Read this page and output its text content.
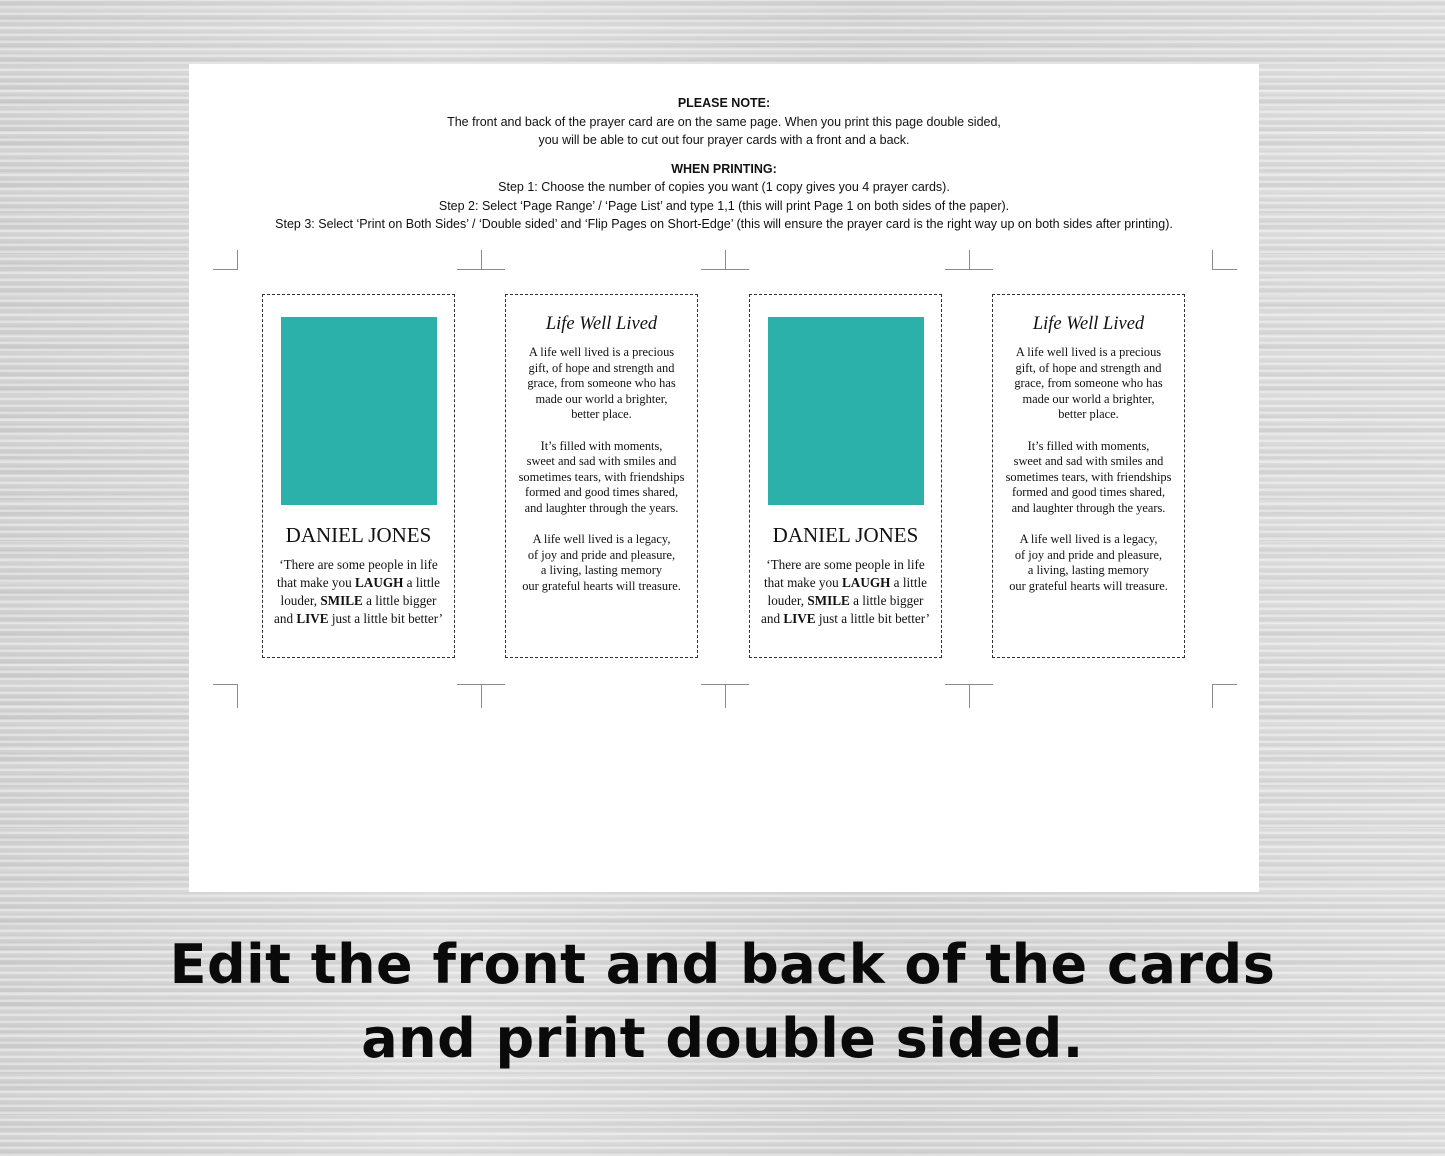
PLEASE NOTE:
The front and back of the prayer card are on the same page. When you print this page double sided,
you will be able to cut out four prayer cards with a front and a back.
WHEN PRINTING:
Step 1: Choose the number of copies you want (1 copy gives you 4 prayer cards).
Step 2: Select ‘Page Range’ / ‘Page List’ and type 1,1 (this will print Page 1 on both sides of the paper).
Step 3: Select ‘Print on Both Sides’ / ‘Double sided’ and ‘Flip Pages on Short-Edge’ (this will ensure the prayer card is the right way up on both sides after printing).
DANIEL JONES
‘There are some people in life
that make you LAUGH a little
louder, SMILE a little bigger
and LIVE just a little bit better’
Life Well Lived
A life well lived is a precious
gift, of hope and strength and
grace, from someone who has
made our world a brighter,
better place.
It’s filled with moments,
sweet and sad with smiles and
sometimes tears, with friendships
formed and good times shared,
and laughter through the years.
A life well lived is a legacy,
of joy and pride and pleasure,
a living, lasting memory
our grateful hearts will treasure.
DANIEL JONES
‘There are some people in life
that make you LAUGH a little
louder, SMILE a little bigger
and LIVE just a little bit better’
Life Well Lived
A life well lived is a precious
gift, of hope and strength and
grace, from someone who has
made our world a brighter,
better place.
It’s filled with moments,
sweet and sad with smiles and
sometimes tears, with friendships
formed and good times shared,
and laughter through the years.
A life well lived is a legacy,
of joy and pride and pleasure,
a living, lasting memory
our grateful hearts will treasure.
Edit the front and back of the cards
and print double sided.
